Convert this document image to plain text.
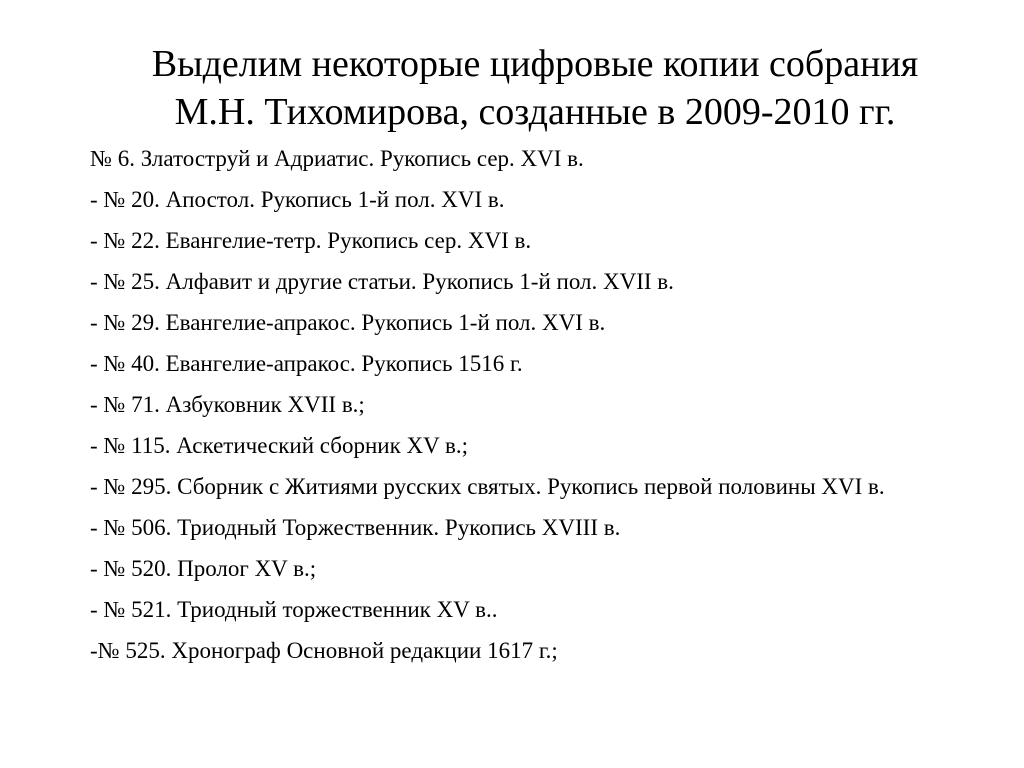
Выделим некоторые цифровые копии собрания
М.Н. Тихомирова, созданные в 2009-2010 гг.
№ 6. Златоструй и Адриатис. Рукопись сер. XVI в.
- № 20. Апостол. Рукопись 1-й пол. XVI в.
- № 22. Евангелие-тетр. Рукопись сер. XVI в.
- № 25. Алфавит и другие статьи. Рукопись 1-й пол. XVII в.
- № 29. Евангелие-апракос. Рукопись 1-й пол. XVI в.
- № 40. Евангелие-апракос. Рукопись 1516 г.
- № 71. Азбуковник XVII в.;
- № 115. Аскетический сборник XV в.;
- № 295. Сборник с Житиями русских святых. Рукопись первой половины XVI в.
- № 506. Триодный Торжественник. Рукопись XVIII в.
- № 520. Пролог XV в.;
- № 521. Триодный торжественник XV в..
-№ 525. Хронограф Основной редакции 1617 г.;
